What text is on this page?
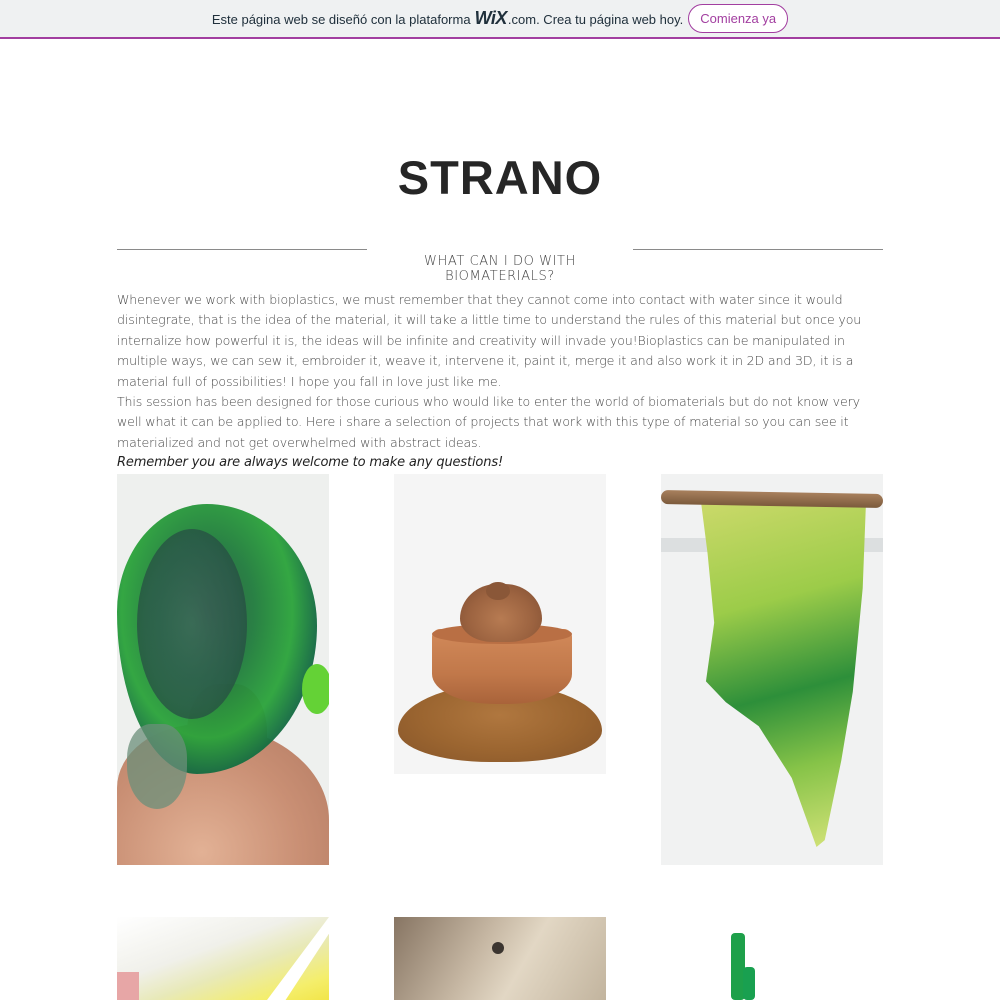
Este página web se diseñó con la plataforma WiX .com. Crea tu página web hoy.	Comienza ya
STRANO
WHAT CAN I DO WITH BIOMATERIALS?

Whenever we work with bioplastics, we must remember that they cannot come into contact with water since it would disintegrate, that is the idea of the material, it will take a little time to understand the rules of this material but once you internalize how powerful it is, the ideas will be infinite and creativity will invade you!Bioplastics can be manipulated in multiple ways, we can sew it, embroider it, weave it, intervene it, paint it, merge it and also work it in 2D and 3D, it is a material full of possibilities! I hope you fall in love just like me.

This session has been designed for those curious who would like to enter the world of biomaterials but do not know very well what it can be applied to. Here i share a selection of projects that work with this type of material so you can see it materialized and not get overwhelmed with abstract ideas.

Remember you are always welcome to make any questions!
